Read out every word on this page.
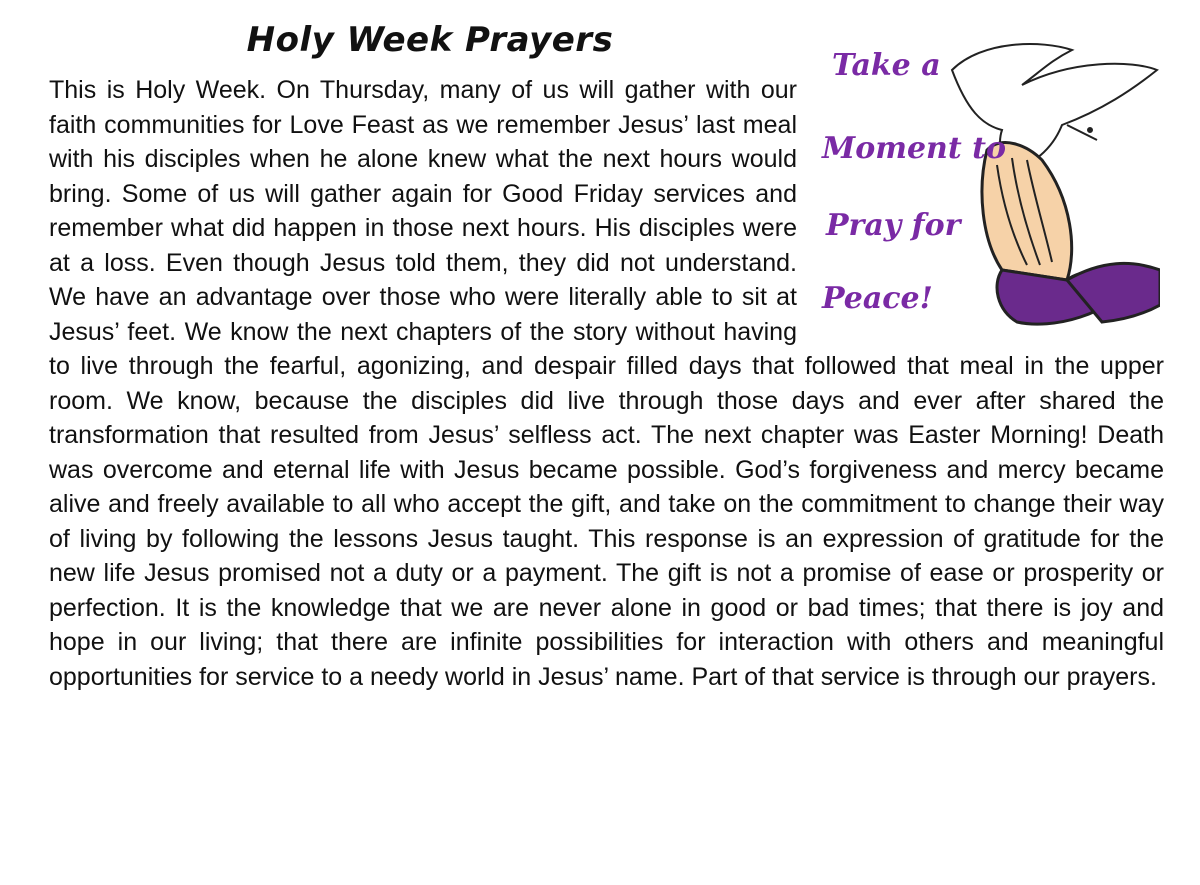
Holy Week Prayers

This is Holy Week. On Thursday, many of us will gather with our faith communities for Love Feast as we remember Jesus’ last meal with his disciples when he alone knew what the next hours would bring. Some of us will gather again for Good Friday services and remember what did happen in those next hours. His disciples were at a loss. Even though Jesus told them, they did not understand. We have an advantage over those who were literally able to sit at Jesus’ feet. We know the next chapters of the story without having to live through the fearful, agonizing, and despair filled days that followed that meal in the upper room. We know, because the disciples did live through those days and ever after shared the transformation that resulted from Jesus’ selfless act. The next chapter was Easter Morning! Death was overcome and eternal life with Jesus became possible. God’s forgiveness and mercy became alive and freely available to all who accept the gift, and take on the commitment to change their way of living by following the lessons Jesus taught. This response is an expression of gratitude for the new life Jesus promised not a duty or a payment. The gift is not a promise of ease or prosperity or perfection. It is the knowledge that we are never alone in good or bad times; that there is joy and hope in our living; that there are infinite possibilities for interaction with others and meaningful opportunities for service to a needy world in Jesus’ name. Part of that service is through our prayers.

Take a
Moment to
Pray for
Peace!
